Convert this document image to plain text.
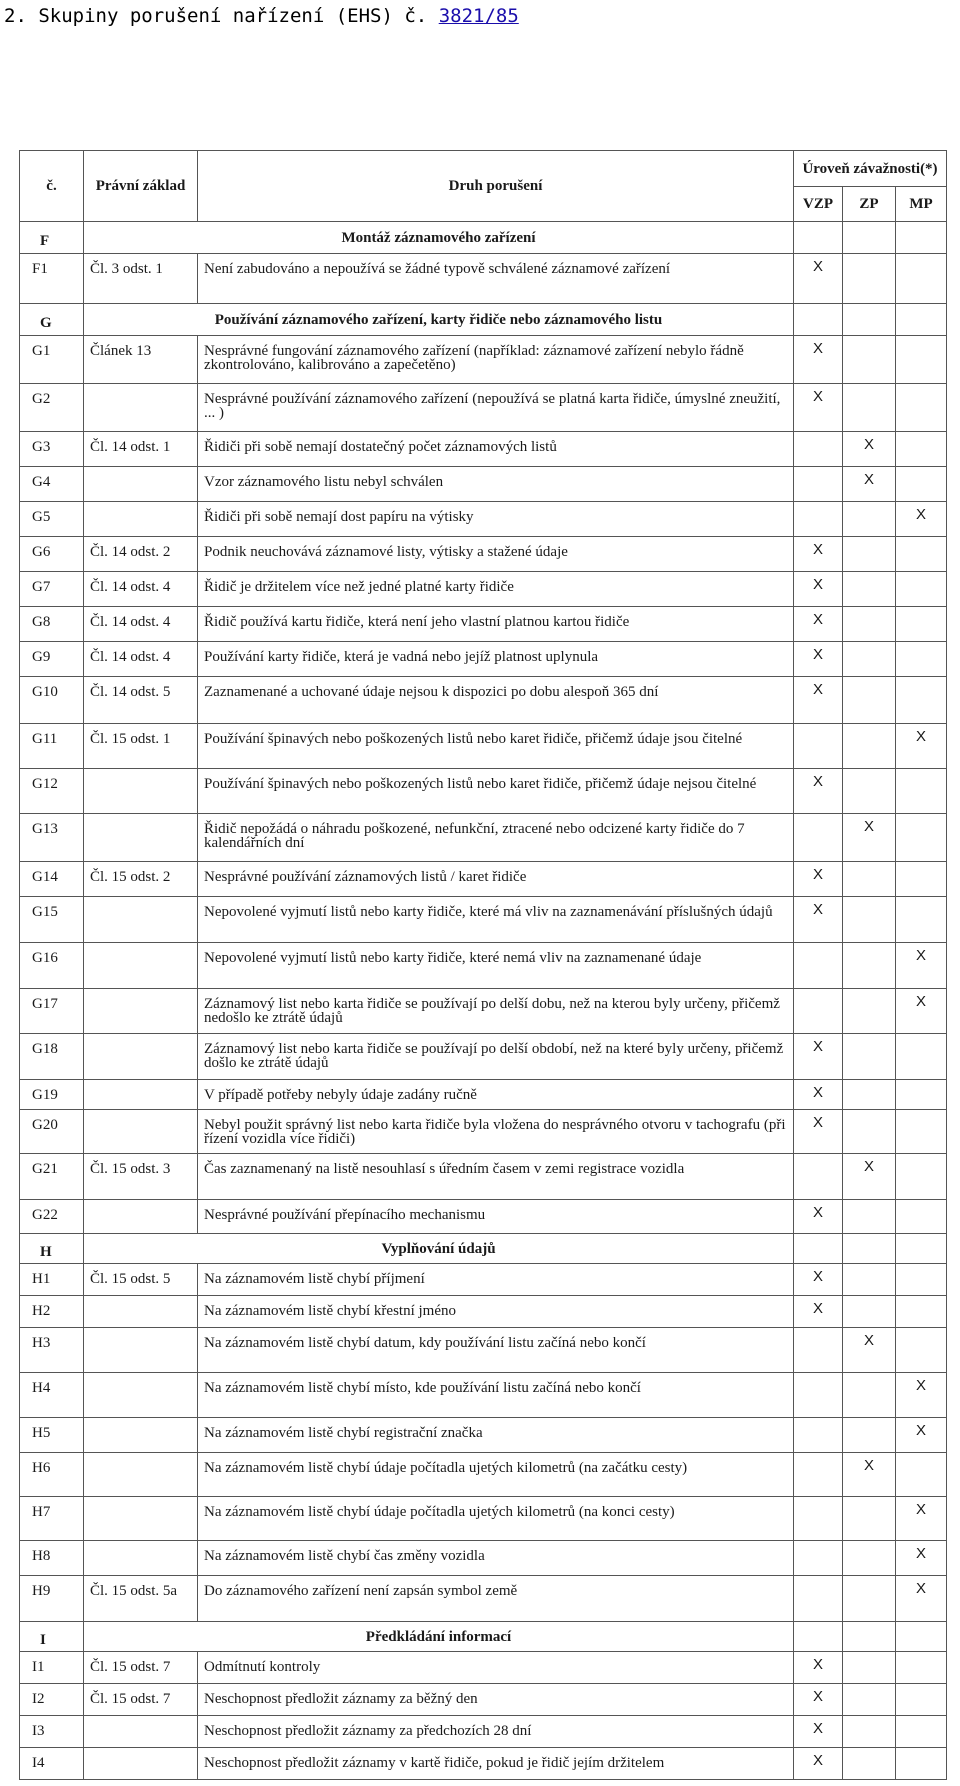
2. Skupiny porušení nařízení (EHS) č. 3821/85
č.	Právní základ	Druh porušení	Úroveň závažnosti(*)		
			VZP	ZP	MP
F	Montáž záznamového zařízení				
F1	Čl. 3 odst. 1	Není zabudováno a nepoužívá se žádné typově schválené záznamové zařízení	X		
G	Používání záznamového zařízení, karty řidiče nebo záznamového listu				
G1	Článek 13	Nesprávné fungování záznamového zařízení (například: záznamové zařízení nebylo řádně zkontrolováno, kalibrováno a zapečetěno)	X		
G2		Nesprávné používání záznamového zařízení (nepoužívá se platná karta řidiče, úmyslné zneužití, ... )	X		
G3	Čl. 14 odst. 1	Řidiči při sobě nemají dostatečný počet záznamových listů		X	
G4		Vzor záznamového listu nebyl schválen		X	
G5		Řidiči při sobě nemají dost papíru na výtisky			X
G6	Čl. 14 odst. 2	Podnik neuchovává záznamové listy, výtisky a stažené údaje	X		
G7	Čl. 14 odst. 4	Řidič je držitelem více než jedné platné karty řidiče	X		
G8	Čl. 14 odst. 4	Řidič používá kartu řidiče, která není jeho vlastní platnou kartou řidiče	X		
G9	Čl. 14 odst. 4	Používání karty řidiče, která je vadná nebo jejíž platnost uplynula	X		
G10	Čl. 14 odst. 5	Zaznamenané a uchované údaje nejsou k dispozici po dobu alespoň 365 dní	X		
G11	Čl. 15 odst. 1	Používání špinavých nebo poškozených listů nebo karet řidiče, přičemž údaje jsou čitelné			X
G12		Používání špinavých nebo poškozených listů nebo karet řidiče, přičemž údaje nejsou čitelné	X		
G13		Řidič nepožádá o náhradu poškozené, nefunkční, ztracené nebo odcizené karty řidiče do 7 kalendářních dní		X	
G14	Čl. 15 odst. 2	Nesprávné používání záznamových listů / karet řidiče	X		
G15		Nepovolené vyjmutí listů nebo karty řidiče, které má vliv na zaznamenávání příslušných údajů	X		
G16		Nepovolené vyjmutí listů nebo karty řidiče, které nemá vliv na zaznamenané údaje			X
G17		Záznamový list nebo karta řidiče se používají po delší dobu, než na kterou byly určeny, přičemž nedošlo ke ztrátě údajů			X
G18		Záznamový list nebo karta řidiče se používají po delší období, než na které byly určeny, přičemž došlo ke ztrátě údajů	X		
G19		V případě potřeby nebyly údaje zadány ručně	X		
G20		Nebyl použit správný list nebo karta řidiče byla vložena do nesprávného otvoru v tachografu (při řízení vozidla více řidiči)	X		
G21	Čl. 15 odst. 3	Čas zaznamenaný na listě nesouhlasí s úředním časem v zemi registrace vozidla		X	
G22		Nesprávné používání přepínacího mechanismu	X		
H	Vyplňování údajů				
H1	Čl. 15 odst. 5	Na záznamovém listě chybí příjmení	X		
H2		Na záznamovém listě chybí křestní jméno	X		
H3		Na záznamovém listě chybí datum, kdy používání listu začíná nebo končí		X	
H4		Na záznamovém listě chybí místo, kde používání listu začíná nebo končí			X
H5		Na záznamovém listě chybí registrační značka			X
H6		Na záznamovém listě chybí údaje počítadla ujetých kilometrů (na začátku cesty)		X	
H7		Na záznamovém listě chybí údaje počítadla ujetých kilometrů (na konci cesty)			X
H8		Na záznamovém listě chybí čas změny vozidla			X
H9	Čl. 15 odst. 5a	Do záznamového zařízení není zapsán symbol země			X
I	Předkládání informací				
I1	Čl. 15 odst. 7	Odmítnutí kontroly	X		
I2	Čl. 15 odst. 7	Neschopnost předložit záznamy za běžný den	X		
I3		Neschopnost předložit záznamy za předchozích 28 dní	X		
I4		Neschopnost předložit záznamy v kartě řidiče, pokud je řidič jejím držitelem	X		
